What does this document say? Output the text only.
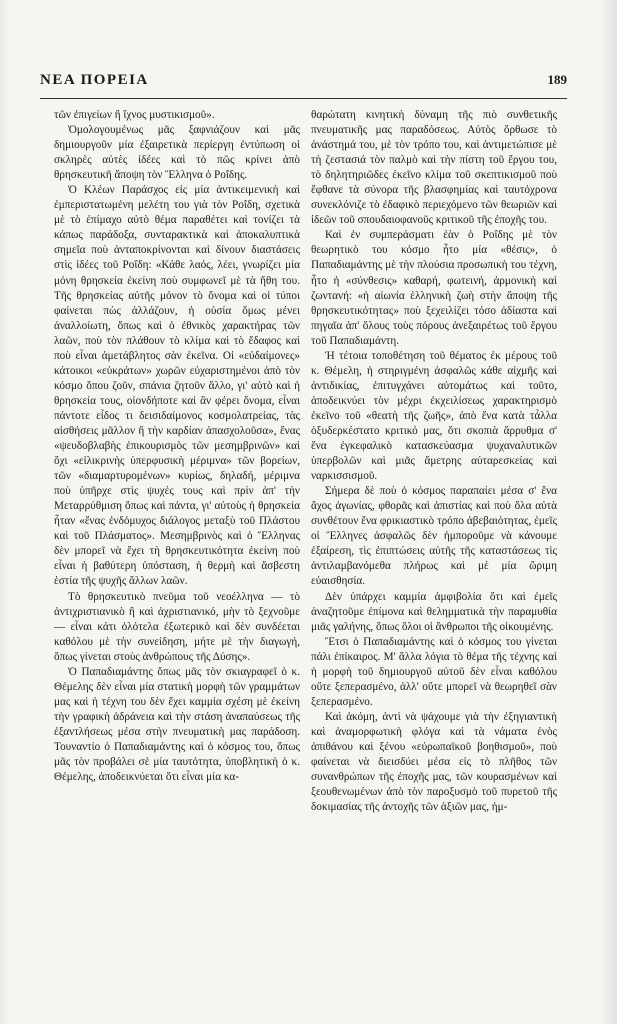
ΝΕΑ ΠΟΡΕΙΑ	189

τῶν ἐπιγείων ἢ ἴχνος μυστικισμοῦ».

Ὁμολογουμένως μᾶς ξαφνιάζουν καὶ μᾶς δημιουργοῦν μία ἐξαιρετικὰ περίεργη ἐντύπωση οἱ σκληρὲς αὐτὲς ἰδέες καὶ τὸ πῶς κρίνει ἀπὸ θρησκευτικῆ ἄποψη τὸν Ἕλληνα ὁ Ροΐδης.

Ὁ Κλέων Παράσχος εἰς μία ἀντικειμενικὴ καὶ ἐμπεριστατωμένη μελέτη του γιὰ τὸν Ροΐδη, σχετικὰ μὲ τὸ ἐπίμαχο αὐτὸ θέμα παραθέτει καὶ τονίζει τὰ κάπως παράδοξα, συνταρακτικὰ καὶ ἀποκαλυπτικὰ σημεῖα ποὺ ἀνταποκρίνονται καὶ δίνουν διαστάσεις στὶς ἰδέες τοῦ Ροΐδη: «Κάθε λαός, λέει, γνωρίζει μία μόνη θρησκεία ἐκείνη ποὺ συμφωνεῖ μὲ τὰ ἤθη του. Τῆς θρησκείας αὐτῆς μόνον τὸ ὄνομα καὶ οἱ τύποι φαίνεται πὼς ἀλλάζουν, ἡ οὐσία ὅμως μένει ἀναλλοίωτη, ὅπως καὶ ὁ ἐθνικὸς χαρακτήρας τῶν λαῶν, ποὺ τὸν πλάθουν τὸ κλίμα καὶ τὸ ἔδαφος καὶ ποὺ εἶναι ἀμετάβλητος σὰν ἐκεῖνα. Οἱ «εὐδαίμονες» κάτοικοι «εὐκράτων» χωρῶν εὐχαριστημένοι ἀπὸ τὸν κόσμο ὅπου ζοῦν, σπάνια ζητοῦν ἄλλο, γι' αὐτὸ καὶ ἡ θρησκεία τους, οἱονδήποτε καὶ ἂν φέρει ὄνομα, εἶναι πάντοτε εἶδος τι δεισιδαίμονος κοσμολατρείας, τὰς αἰσθήσεις μᾶλλον ἢ τὴν καρδίαν ἀπασχολοῦσα», ἕνας «ψευδοβλαβὴς ἐπικουρισμὸς τῶν μεσημβρινῶν» καὶ ὄχι «εἰλικρινὴς ὑπερφυσικὴ μέριμνα» τῶν βορείων, τῶν «διαμαρτυρομένων» κυρίως, δηλαδή, μέριμνα ποὺ ὑπῆρχε στὶς ψυχές τους καὶ πρὶν ἀπ' τὴν Μεταρρύθμιση ὅπως καὶ πάντα, γι' αὐτοὺς ἡ θρησκεία ἦταν «ἕνας ἐνδόμυχος διάλογος μεταξὺ τοῦ Πλάστου καὶ τοῦ Πλάσματος». Μεσημβρινὸς καὶ ὁ Ἕλληνας δὲν μπορεῖ νὰ ἔχει τὴ θρησκευτικότητα ἐκείνη ποὺ εἶναι ἡ βαθύτερη ὑπόσταση, ἡ θερμὴ καὶ ἄσβεστη ἑστία τῆς ψυχῆς ἄλλων λαῶν.

Τὸ θρησκευτικὸ πνεῦμα τοῦ νεοέλληνα — τὸ ἀντιχριστιανικὸ ἢ καὶ ἀχριστιανικό, μὴν τὸ ξεχνοῦμε — εἶναι κάτι ὁλότελα ἐξωτερικὸ καὶ δὲν συνδέεται καθόλου μὲ τὴν συνείδηση, μήτε μὲ τὴν διαγωγή, ὅπως γίνεται στοὺς ἀνθρώπους τῆς Δύσης».

Ὁ Παπαδιαμάντης ὅπως μᾶς τὸν σκιαγραφεῖ ὁ κ. Θέμελης δὲν εἶναι μία στατικὴ μορφὴ τῶν γραμμάτων μας καὶ ἡ τέχνη του δὲν ἔχει καμμία σχέση μὲ ἐκείνη τὴν γραφικὴ ἀδράνεια καὶ τὴν στάση ἀναπαύσεως τῆς ἐξαντλήσεως μέσα στὴν πνευματικὴ μας παράδοση. Τουναντίο ὁ Παπαδιαμάντης καὶ ὁ κόσμος του, ὅπως μᾶς τὸν προβάλει σὲ μία ταυτότητα, ὑποβλητικὴ ὁ κ. Θέμελης, ἀποδεικνύεται ὅτι εἶναι μία κα-

θαρώτατη κινητικὴ δύναμη τῆς πιὸ συνθετικῆς πνευματικῆς μας παραδόσεως. Αὐτὸς ὄρθωσε τὸ ἀνάστημά του, μὲ τὸν τρόπο του, καὶ ἀντιμετώπισε μὲ τὴ ζεστασιά τὸν παλμὸ καὶ τὴν πίστη τοῦ ἔργου του, τὸ δηλητηριῶδες ἐκεῖνο κλίμα τοῦ σκεπτικισμοῦ ποὺ ἔφθανε τὰ σύνορα τῆς βλασφημίας καὶ ταυτόχρονα συνεκλόνιζε τὸ ἐδαφικὸ περιεχόμενο τῶν θεωριῶν καὶ ἰδεῶν τοῦ σπουδαιοφανοῦς κριτικοῦ τῆς ἐποχῆς του.

Καὶ ἐν συμπεράσματι ἐὰν ὁ Ροΐδης μὲ τὸν θεωρητικὸ του κόσμο ἦτο μία «θέσις», ὁ Παπαδιαμάντης μὲ τὴν πλούσια προσωπικὴ του τέχνη, ἦτο ἡ «σύνθεσις» καθαρή, φωτεινή, ἁρμονικὴ καὶ ζωντανή: «ἡ αἰωνία ἑλληνικὴ ζωὴ στὴν ἄποψη τῆς θρησκευτικότητας» ποὺ ξεχειλίζει τόσο ἀδίαστα καὶ πηγαῖα ἀπ' ὅλους τοὺς πόρους ἀνεξαιρέτως τοῦ ἔργου τοῦ Παπαδιαμάντη.

Ἡ τέτοια τοποθέτηση τοῦ θέματος ἐκ μέρους τοῦ κ. Θέμελη, ἡ στηριγμένη ἀσφαλῶς κάθε αἰχμῆς καὶ ἀντιδικίας, ἐπιτυγχάνει αὐτομάτως καὶ τοῦτο, ἀποδεικνύει τὸν μέχρι ἐκχειλίσεως χαρακτηρισμὸ ἐκεῖνο τοῦ «θεατὴ τῆς ζωῆς», ἀπὸ ἕνα κατὰ τἆλλα ὀξυδερκέστατο κριτικό μας, ὅτι σκοπιὰ ἄρρυθμα σ' ἕνα ἐγκεφαλικὸ κατασκεύασμα ψυχαναλυτικῶν ὑπερβολῶν καὶ μιᾶς ἄμετρης αὐταρεσκείας καὶ ναρκισσισμοῦ.

Σήμερα δὲ ποὺ ὁ κόσμος παραπαίει μέσα σ' ἕνα ἄχος ἀγωνίας, φθορᾶς καὶ ἀπιστίας καὶ ποὺ ὅλα αὐτὰ συνθέτουν ἕνα φρικιαστικὸ τρόπο ἀβεβαιότητας, ἐμεῖς οἱ Ἕλληνες ἀσφαλῶς δὲν ἠμποροῦμε νὰ κάνουμε ἐξαίρεση, τὶς ἐπιπτώσεις αὐτῆς τῆς καταστάσεως τὶς ἀντιλαμβανόμεθα πλήρως καὶ μὲ μία ὥριμη εὐαισθησία.

Δὲν ὑπάρχει καμμία ἀμφιβολία ὅτι καὶ ἐμεῖς ἀναζητοῦμε ἐπίμονα καὶ θελημματικὰ τὴν παραμυθία μιᾶς γαλήνης, ὅπως ὅλοι οἱ ἄνθρωποι τῆς οἰκουμένης.

Ἔτσι ὁ Παπαδιαμάντης καὶ ὁ κόσμος του γίνεται πάλι ἐπίκαιρος. Μ' ἄλλα λόγια τὸ θέμα τῆς τέχνης καὶ ἡ μορφὴ τοῦ δημιουργοῦ αὐτοῦ δὲν εἶναι καθόλου οὔτε ξεπερασμένο, ἀλλ' οὔτε μπορεῖ νὰ θεωρηθεῖ σὰν ξεπερασμένο.

Καὶ ἀκόμη, ἀντὶ νὰ ψάχουμε γιὰ τὴν ἐξηγιαντικὴ καὶ ἀναμορφωτικὴ φλόγα καὶ τὰ νάματα ἑνὸς ἀπιθάνου καὶ ξένου «εὐρωπαϊκοῦ βοηθισμοῦ», ποὺ φαίνεται νὰ διεισδύει μέσα εἰς τὸ πλῆθος τῶν συνανθρώπων τῆς ἐποχῆς μας, τῶν κουρασμένων καὶ ξεουθενωμένων ἀπὸ τὸν παροξυσμὸ τοῦ πυρετοῦ τῆς δοκιμασίας τῆς ἀντοχῆς τῶν ἀξιῶν μας, ἡμ-
